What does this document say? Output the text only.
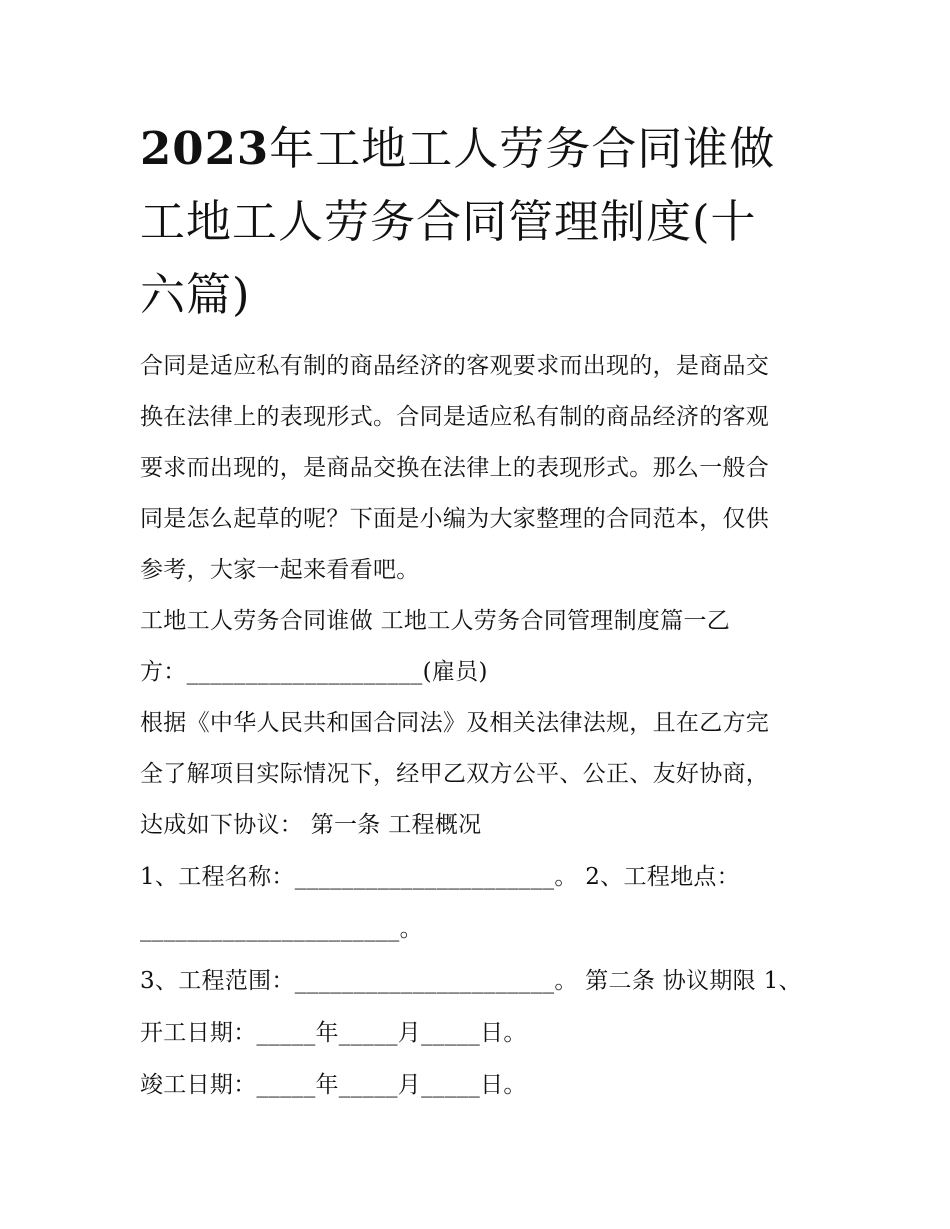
2023年工地工人劳务合同谁做
工地工人劳务合同管理制度(十
六篇)

合同是适应私有制的商品经济的客观要求而出现的，是商品交
换在法律上的表现形式。合同是适应私有制的商品经济的客观
要求而出现的，是商品交换在法律上的表现形式。那么一般合
同是怎么起草的呢？下面是小编为大家整理的合同范本，仅供
参考，大家一起来看看吧。

工地工人劳务合同谁做 工地工人劳务合同管理制度篇一乙
方：____________________(雇员)

根据《中华人民共和国合同法》及相关法律法规，且在乙方完
全了解项目实际情况下，经甲乙双方公平、公正、友好协商，
达成如下协议： 第一条 工程概况

1、工程名称：______________________。 2、工程地点：
______________________。

3、工程范围：______________________。 第二条 协议期限 1、
开工日期：_____年_____月_____日。

竣工日期：_____年_____月_____日。
